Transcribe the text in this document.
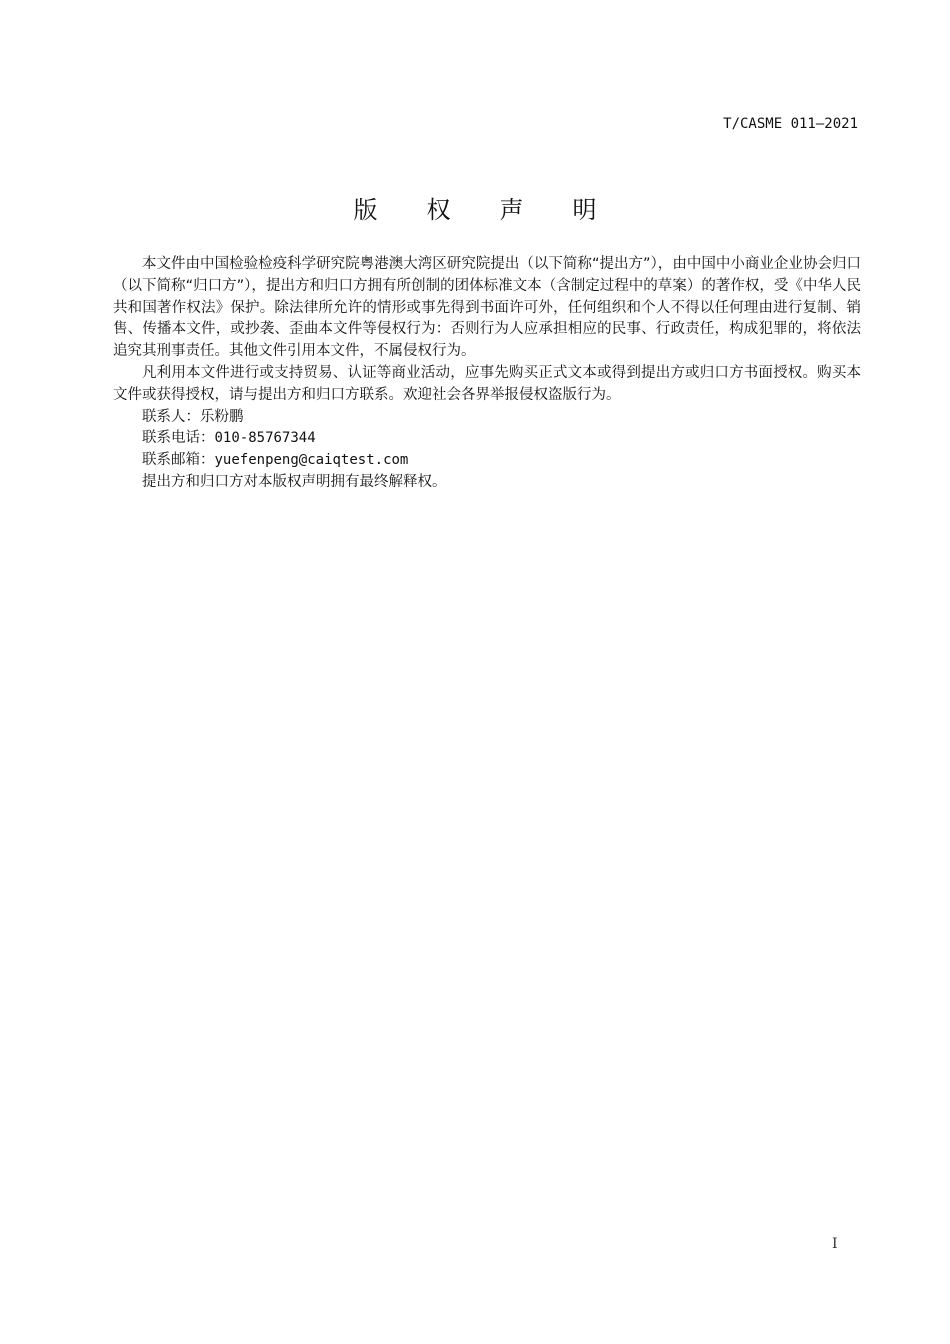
T/CASME 011—2021
版权声明

本文件由中国检验检疫科学研究院粤港澳大湾区研究院提出（以下简称“提出方”），由中国中小商业企业协会归口（以下简称“归口方”），提出方和归口方拥有所创制的团体标准文本（含制定过程中的草案）的著作权，受《中华人民共和国著作权法》保护。除法律所允许的情形或事先得到书面许可外，任何组织和个人不得以任何理由进行复制、销售、传播本文件，或抄袭、歪曲本文件等侵权行为：否则行为人应承担相应的民事、行政责任，构成犯罪的，将依法追究其刑事责任。其他文件引用本文件，不属侵权行为。

凡利用本文件进行或支持贸易、认证等商业活动，应事先购买正式文本或得到提出方或归口方书面授权。购买本文件或获得授权，请与提出方和归口方联系。欢迎社会各界举报侵权盗版行为。

联系人：乐粉鹏

联系电话：010-85767344

联系邮箱：yuefenpeng@caiqtest.com

提出方和归口方对本版权声明拥有最终解释权。

I
